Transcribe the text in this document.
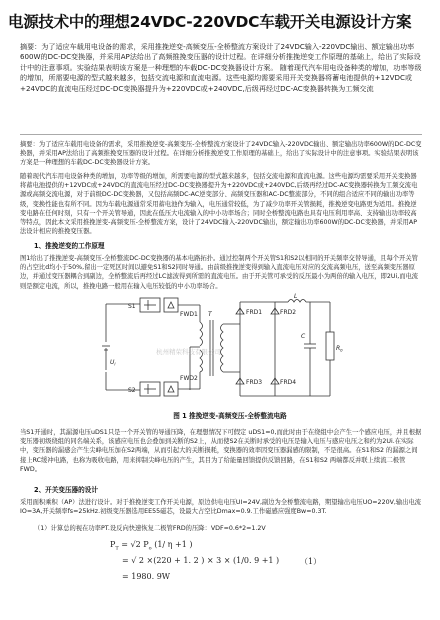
电源技术中的理想24VDC-220VDC车载开关电源设计方案
摘要：为了适应车载用电设备的需求，采用推挽逆变-高频变压-全桥整流方案设计了24VDC输入-220VDC输出、额定输出功率600W的DC-DC变换器，并采用AP法给出了高频推挽变压器的设计过程。在详细分析推挽逆变工作原理的基础上，给出了实际设计中的注意事项。实验结果表明该方案是一种理想的车载DC-DC变换器设计方案。 随着现代汽车用电设备种类的增加，功率等级的增加，所需要电源的型式越来越多，包括交流电源和直流电源。这些电源均需要采用开关变换器将蓄电池提供的+12VDC或+24VDC的直流电压经过DC-DC变换器提升为+220VDC或+240VDC,后级再经过DC-AC变换器转换为工频交流
摘要：为了适应车载用电设备的需求，采用推挽逆变-高频变压-全桥整流方案设计了24VDC输入-220VDC输出、额定输出功率600W的DC-DC变换器，并采用AP法给出了高频推挽变压器的设计过程。在详细分析推挽逆变工作原理的基础上，给出了实际设计中的注意事项。实验结果表明该方案是一种理想的车载DC-DC变换器设计方案。
随着现代汽车用电设备种类的增加，功率等级的增加，所需要电源的型式越来越多，包括交流电源和直流电源。这些电源均需要采用开关变换器将蓄电池提供的+12VDC或+24VDC的直流电压经过DC-DC变换器提升为+220VDC或+240VDC,后级再经过DC-AC变换器转换为工频交流电源或高频交流电源，对于前级DC-DC变换器，又包括高频DC-AC逆变部分、高频变压器和AC-DC整流部分，不同的组合适应不同的输出功率等级，变换性能也有所不同。因为车载电源通常采用蓄电池作为输入，电压通常较低，为了减少功率开关管损耗，推挽逆变电路更为适用。推挽逆变电路在任何时刻，只有一个开关管导通，因此在低压大电流输入的中小功率场合；同时全桥整流电路也具有电压利用率高、支持输出功率较高等特点，因此本文采用推挽逆变-高频变压-全桥整流方案，设计了24VDC输入-220VDC输出，额定输出功率600W的DC-DC变换器，并采用AP法设计相应的推挽变压器。
1、推挽逆变的工作原理
图1给出了推挽逆变-高频变压-全桥整流DC-DC变换器的基本电路拓扑。通过控制两个开关管S1和S2以相同的开关频率交替导通，且每个开关管的占空比d均小于50%,留出一定死区时间以避免S1和S2同时导通。由前级推挽逆变得到输入直流电压对应的交流高频电压，送至高频变压器原边，并通过变压器耦合到副边，全桥整流后再经过LC滤波得到所需的直流电压。由于开关管可承受的反压最小为两倍的输入电压，即2Ui,而电流则是额定电流，所以，推挽电路一般用在输入电压较低的中小功率场合。
S1
S2
FWD1
FWD2
FRD1
FRD3
FRD2
FRD4
$U_i$
T
$R_o$
C
L
杭州精荣科技有限公司
图 1 推挽逆变-高频变压-全桥整流电路
当S1开通时，其漏源电压uDS1只是一个开关管的导通压降，在理想情况下可假定 uDS1=0,而此时由于在绕组中会产生一个感应电压，并且根据变压器初级绕组的同名端关系，该感应电压也会叠加到关断的S2上，从而使S2在关断时承受的电压是输入电压与感应电压之和约为2Ui.在实际中，变压器的漏感会产生尖峰电压加在S2两端，从而引起大的关断损耗，变换器的效率因变压器漏感的限制，不是很高。在S1和S2 的漏源之间接上RC缓冲电路，也称为吸收电路，用来抑制尖峰电压的产生，其目为了给能量回馈提供反馈回路，在S1和S2 两端都反并联上续流二极管FWD。
2、开关变压器的设计
采用面积乘积（AP）法进行设计。对于推挽逆变工作开关电源，原边供电电压UI=24V,副边为全桥整流电路，期望输出电压UO=220V,输出电流IO=3A,开关频率fs=25kHz.初级变压器选用EE55磁芯，设最大占空比Dmax=0.9.工作磁感应强度Bw=0.3T.
（1）计算总的视在功率PT.设反向快速恢复二极管FRD的压降：VDF=0.6*2=1.2V
$P_T = √2$ $P_o$ (1/ η +1 )
= √ 2 ×(220 + 1. 2 ) × 3 × (1/0. 9 +1 )	（1）
= 1980. 9W
